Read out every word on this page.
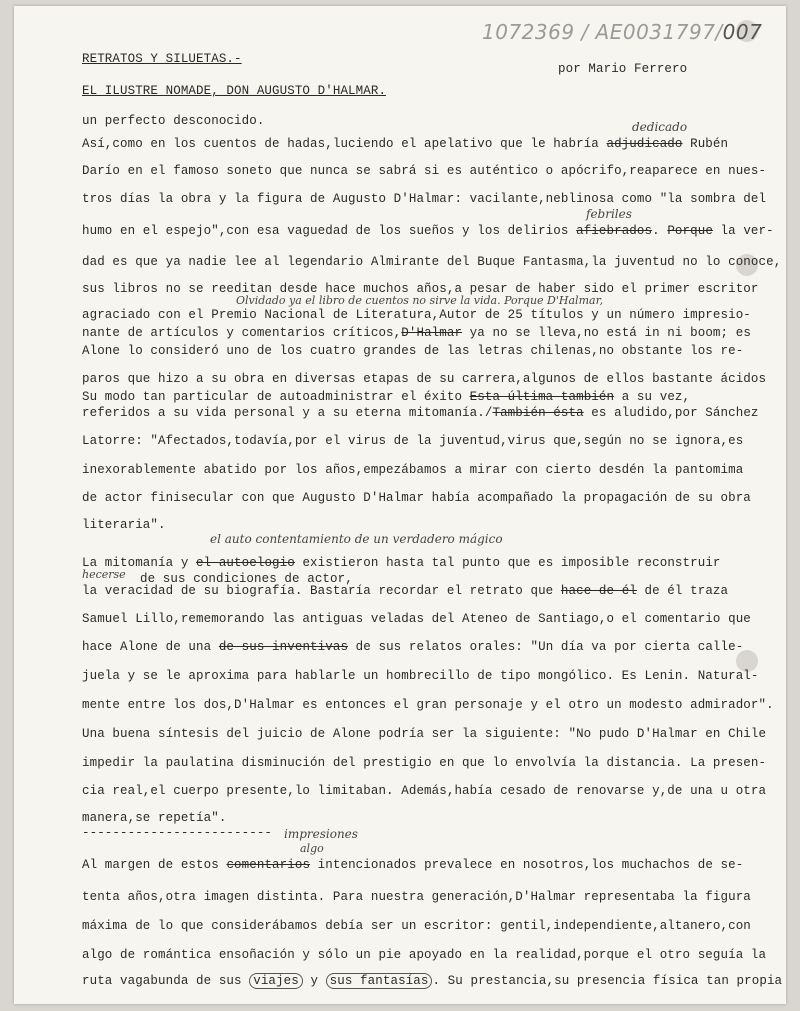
1072369 / AE0031797/007
RETRATOS Y SILUETAS.-
por Mario Ferrero
EL ILUSTRE NOMADE, DON AUGUSTO D'HALMAR.
un perfecto desconocido.
Así,como en los cuentos de hadas,luciendo el apelativo que le habría adjudicado Rubén
Darío en el famoso soneto que nunca se sabrá si es auténtico o apócrifo,reaparece en nues-
tros días la obra y la figura de Augusto D'Halmar: vacilante,neblinosa como "la sombra del
humo en el espejo",con esa vaguedad de los sueños y los delirios afiebrados. Porque la ver-
dad es que ya nadie lee al legendario Almirante del Buque Fantasma,la juventud no lo conoce,
sus libros no se reeditan desde hace muchos años,a pesar de haber sido el primer escritor
agraciado con el Premio Nacional de Literatura,Autor de 25 títulos y un número impresio-
nante de artículos y comentarios críticos,D'Halmar ya no se lleva,no está in ni boom; es
Alone lo consideró uno de los cuatro grandes de las letras chilenas,no obstante los re-
paros que hizo a su obra en diversas etapas de su carrera,algunos de ellos bastante ácidos
Su modo tan particular de autoadministrar el éxito Esta última también a su vez,
referidos a su vida personal y a su eterna mitomanía./También ésta es aludido,por Sánchez
Latorre: "Afectados,todavía,por el virus de la juventud,virus que,según no se ignora,es
inexorablemente abatido por los años,empezábamos a mirar con cierto desdén la pantomima
de actor finisecular con que Augusto D'Halmar había acompañado la propagación de su obra
literaria".
La mitomanía y el autoelogio existieron hasta tal punto que es imposible reconstruir
de sus condiciones de actor,
la veracidad de su biografía. Bastaría recordar el retrato que hace de él de él traza
Samuel Lillo,rememorando las antiguas veladas del Ateneo de Santiago,o el comentario que
hace Alone de una de sus inventivas de sus relatos orales: "Un día va por cierta calle-
juela y se le aproxima para hablarle un hombrecillo de tipo mongólico. Es Lenin. Natural-
mente entre los dos,D'Halmar es entonces el gran personaje y el otro un modesto admirador".
Una buena síntesis del juicio de Alone podría ser la siguiente: "No pudo D'Halmar en Chile
impedir la paulatina disminución del prestigio en que lo envolvía la distancia. La presen-
cia real,el cuerpo presente,lo limitaban. Además,había cesado de renovarse y,de una u otra
manera,se repetía".
-------------------------
Al margen de estos comentarios intencionados prevalece en nosotros,los muchachos de se-
tenta años,otra imagen distinta. Para nuestra generación,D'Halmar representaba la figura
máxima de lo que considerábamos debía ser un escritor: gentil,independiente,altanero,con
algo de romántica ensoñación y sólo un pie apoyado en la realidad,porque el otro seguía la
ruta vagabunda de sus viajes y sus fantasías . Su prestancia,su presencia física tan propia
dedicado
febriles
Olvidado ya el libro de cuentos no sirve la vida. Porque D'Halmar,
el auto contentamiento de un verdadero mágico
hecerse
impresiones
algo
